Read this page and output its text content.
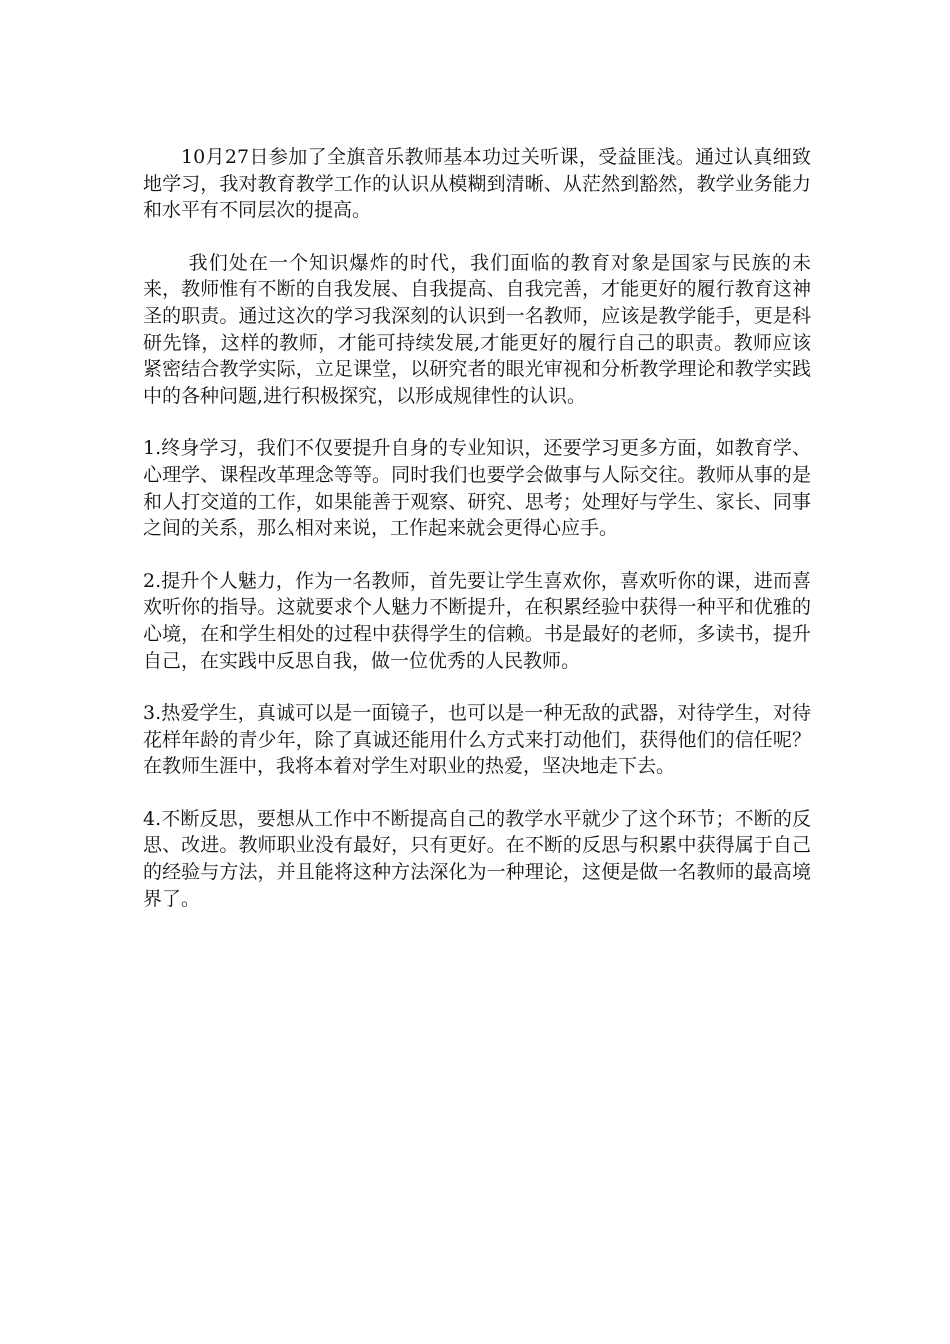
10月27日参加了全旗音乐教师基本功过关听课，受益匪浅。通过认真细致地学习，我对教育教学工作的认识从模糊到清晰、从茫然到豁然，教学业务能力和水平有不同层次的提高。

我们处在一个知识爆炸的时代，我们面临的教育对象是国家与民族的未来，教师惟有不断的自我发展、自我提高、自我完善，才能更好的履行教育这神圣的职责。通过这次的学习我深刻的认识到一名教师，应该是教学能手，更是科研先锋，这样的教师，才能可持续发展,才能更好的履行自己的职责。教师应该紧密结合教学实际，立足课堂，以研究者的眼光审视和分析教学理论和教学实践中的各种问题,进行积极探究，以形成规律性的认识。

1.终身学习，我们不仅要提升自身的专业知识，还要学习更多方面，如教育学、心理学、课程改革理念等等。同时我们也要学会做事与人际交往。教师从事的是和人打交道的工作，如果能善于观察、研究、思考；处理好与学生、家长、同事之间的关系，那么相对来说，工作起来就会更得心应手。

2.提升个人魅力，作为一名教师，首先要让学生喜欢你，喜欢听你的课，进而喜欢听你的指导。这就要求个人魅力不断提升，在积累经验中获得一种平和优雅的心境，在和学生相处的过程中获得学生的信赖。书是最好的老师，多读书，提升自己，在实践中反思自我，做一位优秀的人民教师。

3.热爱学生，真诚可以是一面镜子，也可以是一种无敌的武器，对待学生，对待花样年龄的青少年，除了真诚还能用什么方式来打动他们，获得他们的信任呢？在教师生涯中，我将本着对学生对职业的热爱，坚决地走下去。

4.不断反思，要想从工作中不断提高自己的教学水平就少了这个环节；不断的反思、改进。教师职业没有最好，只有更好。在不断的反思与积累中获得属于自己的经验与方法，并且能将这种方法深化为一种理论，这便是做一名教师的最高境界了。
